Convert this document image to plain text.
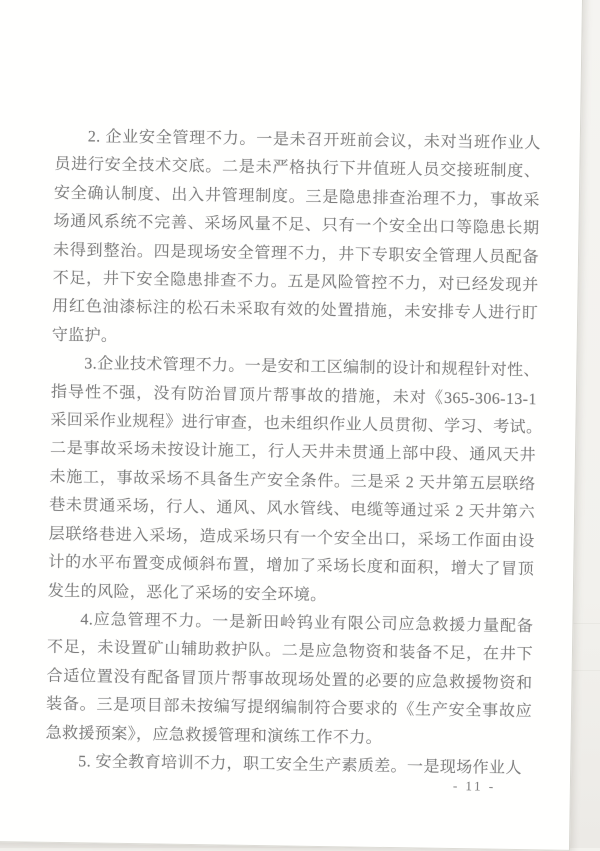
2. 企业安全管理不力。一是未召开班前会议，未对当班作业人
员进行安全技术交底。二是未严格执行下井值班人员交接班制度、
安全确认制度、出入井管理制度。三是隐患排查治理不力，事故采
场通风系统不完善、采场风量不足、只有一个安全出口等隐患长期
未得到整治。四是现场安全管理不力，井下专职安全管理人员配备
不足，井下安全隐患排查不力。五是风险管控不力，对已经发现并
用红色油漆标注的松石未采取有效的处置措施，未安排专人进行盯
守监护。
3.企业技术管理不力。一是安和工区编制的设计和规程针对性、
指导性不强，没有防治冒顶片帮事故的措施，未对《365-306-13-1
采回采作业规程》进行审查，也未组织作业人员贯彻、学习、考试。
二是事故采场未按设计施工，行人天井未贯通上部中段、通风天井
未施工，事故采场不具备生产安全条件。三是采 2 天井第五层联络
巷未贯通采场，行人、通风、风水管线、电缆等通过采 2 天井第六
层联络巷进入采场，造成采场只有一个安全出口，采场工作面由设
计的水平布置变成倾斜布置，增加了采场长度和面积，增大了冒顶
发生的风险，恶化了采场的安全环境。
4.应急管理不力。一是新田岭钨业有限公司应急救援力量配备
不足，未设置矿山辅助救护队。二是应急物资和装备不足，在井下
合适位置没有配备冒顶片帮事故现场处置的必要的应急救援物资和
装备。三是项目部未按编写提纲编制符合要求的《生产安全事故应
急救援预案》，应急救援管理和演练工作不力。
5. 安全教育培训不力，职工安全生产素质差。一是现场作业人
- 11 -
